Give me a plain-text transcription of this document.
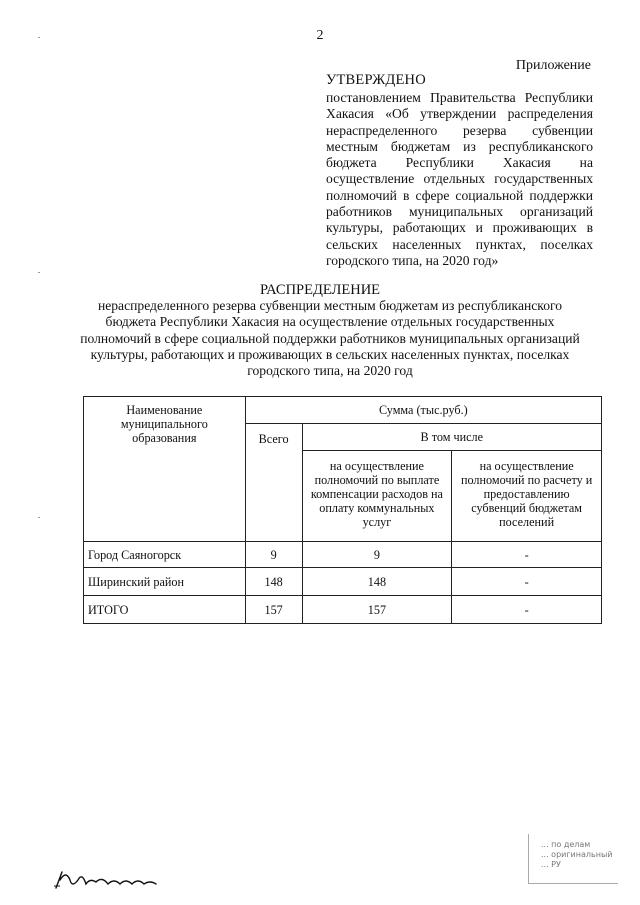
2
Приложение
УТВЕРЖДЕНО
постановлением Правительства Республики Хакасия «Об утверждении распределения нераспределенного резерва субвенции местным бюджетам из республиканского бюджета Республики Хакасия на осуществление отдельных государственных полномочий в сфере социальной поддержки работников муниципальных организаций культуры, работающих и проживающих в сельских населенных пунктах, поселках городского типа, на 2020 год»
РАСПРЕДЕЛЕНИЕ
нераспределенного резерва субвенции местным бюджетам из республиканского бюджета Республики Хакасия на осуществление отдельных государственных полномочий в сфере социальной поддержки работников муниципальных организаций культуры, работающих и проживающих в сельских населенных пунктах, поселках городского типа, на 2020 год
Наименование муниципального образования	Сумма (тыс.руб.)		
	Всего	В том числе	
		на осуществление полномочий по выплате компенсации расходов на оплату коммунальных услуг	на осуществление полномочий по расчету и предоставлению субвенций бюджетам поселений
Город Саяногорск	9	9	-
Ширинский район	148	148	-
ИТОГО	157	157	-
... по делам
... оригинальный
... РУ
